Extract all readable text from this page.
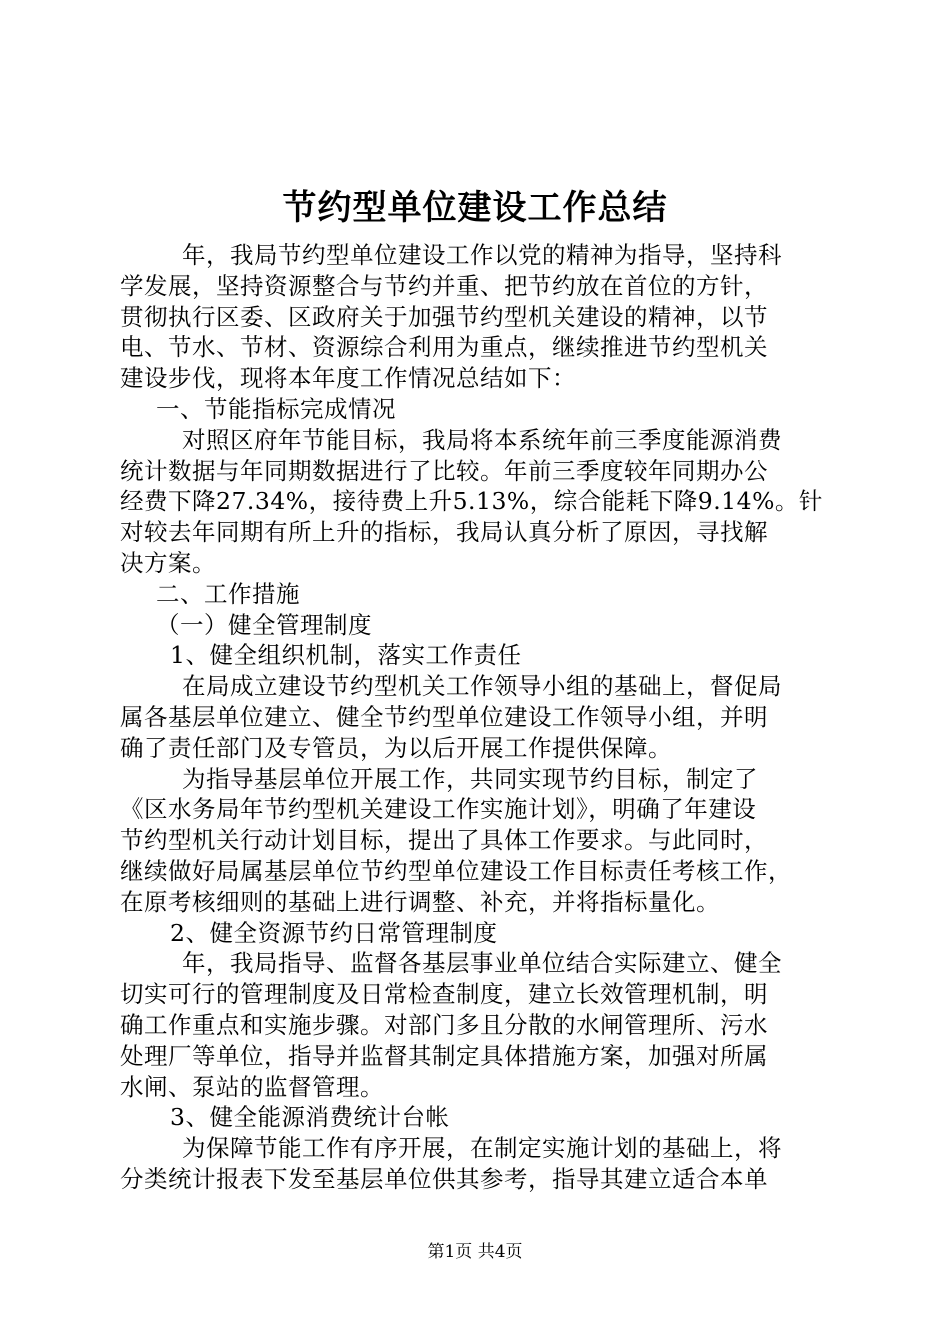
节约型单位建设工作总结
年，我局节约型单位建设工作以党的精神为指导，坚持科
学发展，坚持资源整合与节约并重、把节约放在首位的方针，
贯彻执行区委、区政府关于加强节约型机关建设的精神，以节
电、节水、节材、资源综合利用为重点，继续推进节约型机关
建设步伐，现将本年度工作情况总结如下：
一、节能指标完成情况
对照区府年节能目标，我局将本系统年前三季度能源消费
统计数据与年同期数据进行了比较。年前三季度较年同期办公
经费下降27.34%，接待费上升5.13%，综合能耗下降9.14%。针
对较去年同期有所上升的指标，我局认真分析了原因，寻找解
决方案。
二、工作措施
（一）健全管理制度
1、健全组织机制，落实工作责任
在局成立建设节约型机关工作领导小组的基础上，督促局
属各基层单位建立、健全节约型单位建设工作领导小组，并明
确了责任部门及专管员，为以后开展工作提供保障。
为指导基层单位开展工作，共同实现节约目标，制定了
《区水务局年节约型机关建设工作实施计划》，明确了年建设
节约型机关行动计划目标，提出了具体工作要求。与此同时，
继续做好局属基层单位节约型单位建设工作目标责任考核工作，
在原考核细则的基础上进行调整、补充，并将指标量化。
2、健全资源节约日常管理制度
年，我局指导、监督各基层事业单位结合实际建立、健全
切实可行的管理制度及日常检查制度，建立长效管理机制，明
确工作重点和实施步骤。对部门多且分散的水闸管理所、污水
处理厂等单位，指导并监督其制定具体措施方案，加强对所属
水闸、泵站的监督管理。
3、健全能源消费统计台帐
为保障节能工作有序开展，在制定实施计划的基础上，将
分类统计报表下发至基层单位供其参考，指导其建立适合本单
第1页 共4页
